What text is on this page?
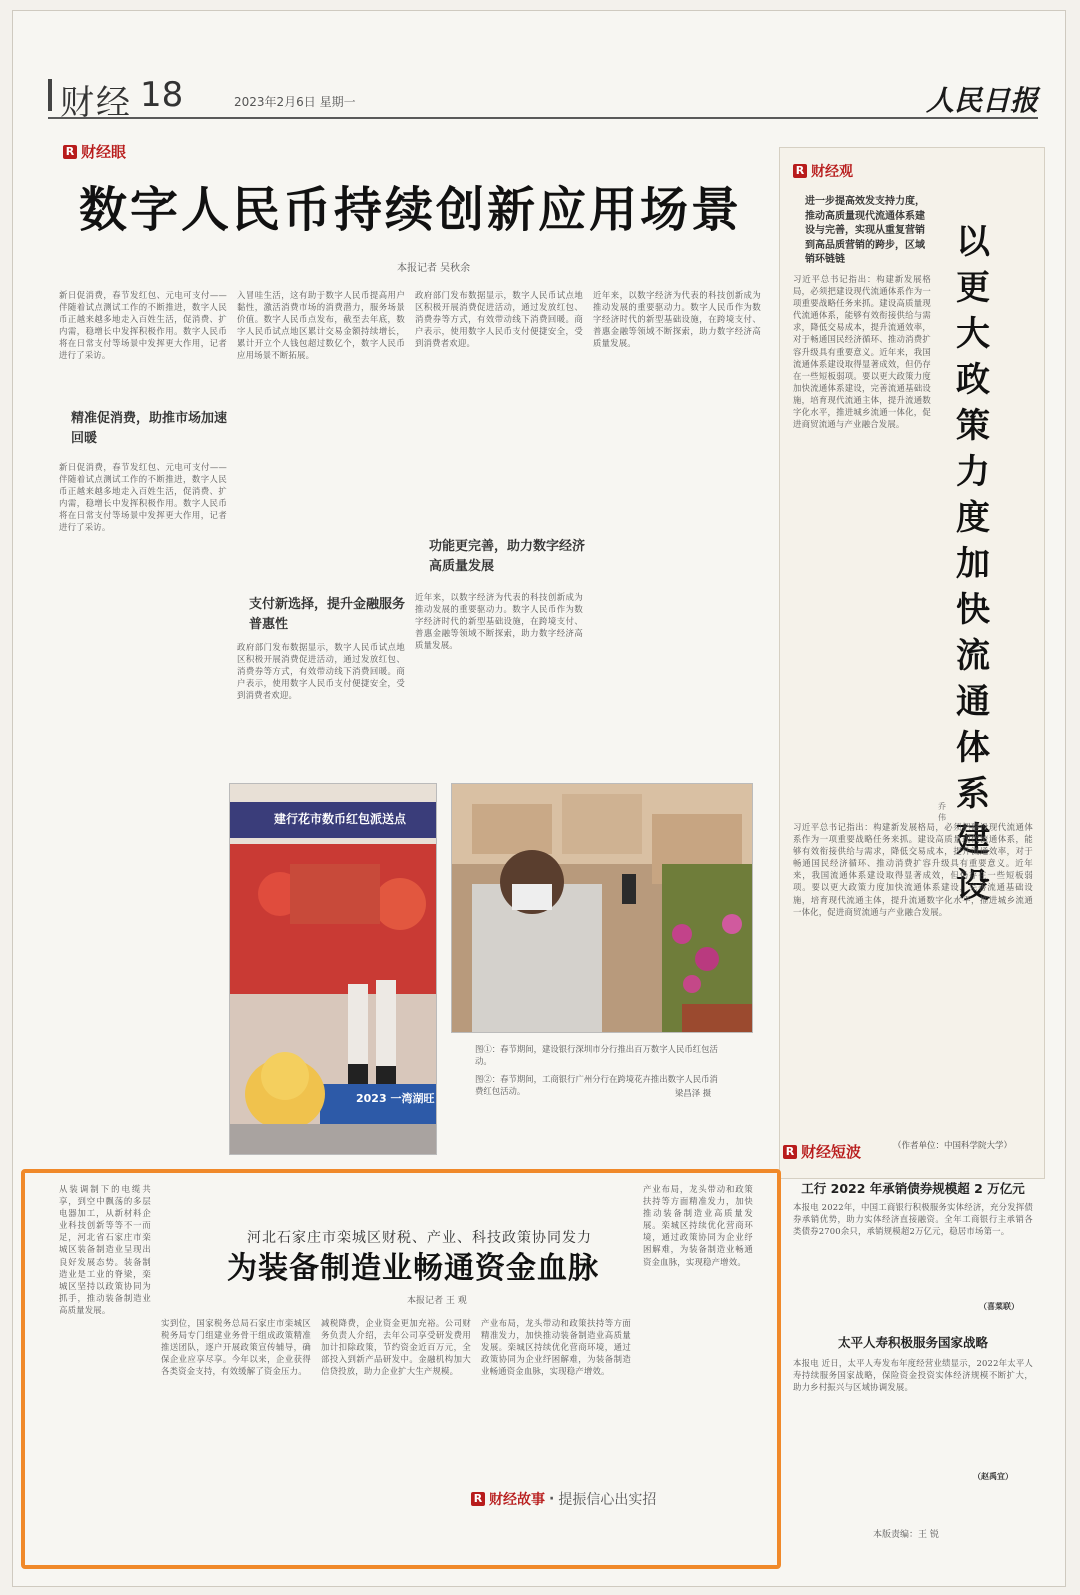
财经 18	2023年2月6日 星期一	人民日报
R 财经眼
数字人民币持续创新应用场景
本报记者 吴秋余
新日促消费，春节发红包、元电可支付——伴随着试点测试工作的不断推进，数字人民币正越来越多地走入百姓生活，促消费、扩内需，稳增长中发挥积极作用。数字人民币将在日常支付等场景中发挥更大作用，记者进行了采访。
精准促消费，助推市场加速回暖
新日促消费，春节发红包、元电可支付——伴随着试点测试工作的不断推进，数字人民币正越来越多地走入百姓生活，促消费、扩内需，稳增长中发挥积极作用。数字人民币将在日常支付等场景中发挥更大作用，记者进行了采访。
入冒哇生活，这有助于数字人民币提高用户黏性，激活消费市场的消费潜力，服务场景价值。数字人民币点发布，截至去年底，数字人民币试点地区累计交易金额持续增长，累计开立个人钱包超过数亿个，数字人民币应用场景不断拓展。
支付新选择，提升金融服务普惠性
政府部门发布数据显示，数字人民币试点地区积极开展消费促进活动，通过发放红包、消费券等方式，有效带动线下消费回暖。商户表示，使用数字人民币支付便捷安全，受到消费者欢迎。
政府部门发布数据显示，数字人民币试点地区积极开展消费促进活动，通过发放红包、消费券等方式，有效带动线下消费回暖。商户表示，使用数字人民币支付便捷安全，受到消费者欢迎。
功能更完善，助力数字经济高质量发展
近年来，以数字经济为代表的科技创新成为推动发展的重要驱动力。数字人民币作为数字经济时代的新型基础设施，在跨境支付、普惠金融等领域不断探索，助力数字经济高质量发展。
近年来，以数字经济为代表的科技创新成为推动发展的重要驱动力。数字人民币作为数字经济时代的新型基础设施，在跨境支付、普惠金融等领域不断探索，助力数字经济高质量发展。
建行花市数币红包派送点
2023 一湾湖旺
图①：春节期间，建设银行深圳市分行推出百万数字人民币红包活动。
图②：春节期间，工商银行广州分行在跨境花卉推出数字人民币消费红包活动。	梁昌泽 摄
R 财经观
进一步提高效发支持力度，推动高质量现代流通体系建设与完善，实现从重复营销到高品质营销的跨步，区域销环链链	以更大政策力度加快流通体系建设
乔 伟
习近平总书记指出：构建新发展格局，必须把建设现代流通体系作为一项重要战略任务来抓。建设高质量现代流通体系，能够有效衔接供给与需求，降低交易成本，提升流通效率，对于畅通国民经济循环、推动消费扩容升级具有重要意义。近年来，我国流通体系建设取得显著成效，但仍存在一些短板弱项。要以更大政策力度加快流通体系建设，完善流通基础设施，培育现代流通主体，提升流通数字化水平，推进城乡流通一体化，促进商贸流通与产业融合发展。
习近平总书记指出：构建新发展格局，必须把建设现代流通体系作为一项重要战略任务来抓。建设高质量现代流通体系，能够有效衔接供给与需求，降低交易成本，提升流通效率，对于畅通国民经济循环、推动消费扩容升级具有重要意义。近年来，我国流通体系建设取得显著成效，但仍存在一些短板弱项。要以更大政策力度加快流通体系建设，完善流通基础设施，培育现代流通主体，提升流通数字化水平，推进城乡流通一体化，促进商贸流通与产业融合发展。
（作者单位：中国科学院大学）
R 财经短波
工行 2022 年承销债券规模超 2 万亿元
本报电 2022年，中国工商银行积极服务实体经济，充分发挥债券承销优势，助力实体经济直接融资。全年工商银行主承销各类债券2700余只，承销规模超2万亿元，稳居市场第一。
（喜菜联）
太平人寿积极服务国家战略
本报电 近日，太平人寿发布年度经营业绩显示，2022年太平人寿持续服务国家战略，保险资金投资实体经济规模不断扩大，助力乡村振兴与区域协调发展。
（赵禹宜）
本版责编：王 锐
从装调制下的电缆共享，到空中飘荡的多层电器加工，从新材料企业科技创新等等不一而足，河北省石家庄市栾城区装备制造业呈现出良好发展态势。装备制造业是工业的脊梁，栾城区坚持以政策协同为抓手，推动装备制造业高质量发展。
产业布局，龙头带动和政策扶持等方面精准发力，加快推动装备制造业高质量发展。栾城区持续优化营商环境，通过政策协同为企业纾困解难，为装备制造业畅通资金血脉，实现稳产增效。
河北石家庄市栾城区财税、产业、科技政策协同发力
为装备制造业畅通资金血脉
本报记者 王 观
实到位，国家税务总局石家庄市栾城区税务局专门组建业务骨干组成政策精准推送团队，逐户开展政策宣传辅导，确保企业应享尽享。今年以来，企业获得各类资金支持，有效缓解了资金压力。
减税降费，企业资金更加充裕。公司财务负责人介绍，去年公司享受研发费用加计扣除政策，节约资金近百万元，全部投入到新产品研发中。金融机构加大信贷投放，助力企业扩大生产规模。
产业布局，龙头带动和政策扶持等方面精准发力，加快推动装备制造业高质量发展。栾城区持续优化营商环境，通过政策协同为企业纾困解难，为装备制造业畅通资金血脉，实现稳产增效。
R 财经故事 · 提振信心出实招
